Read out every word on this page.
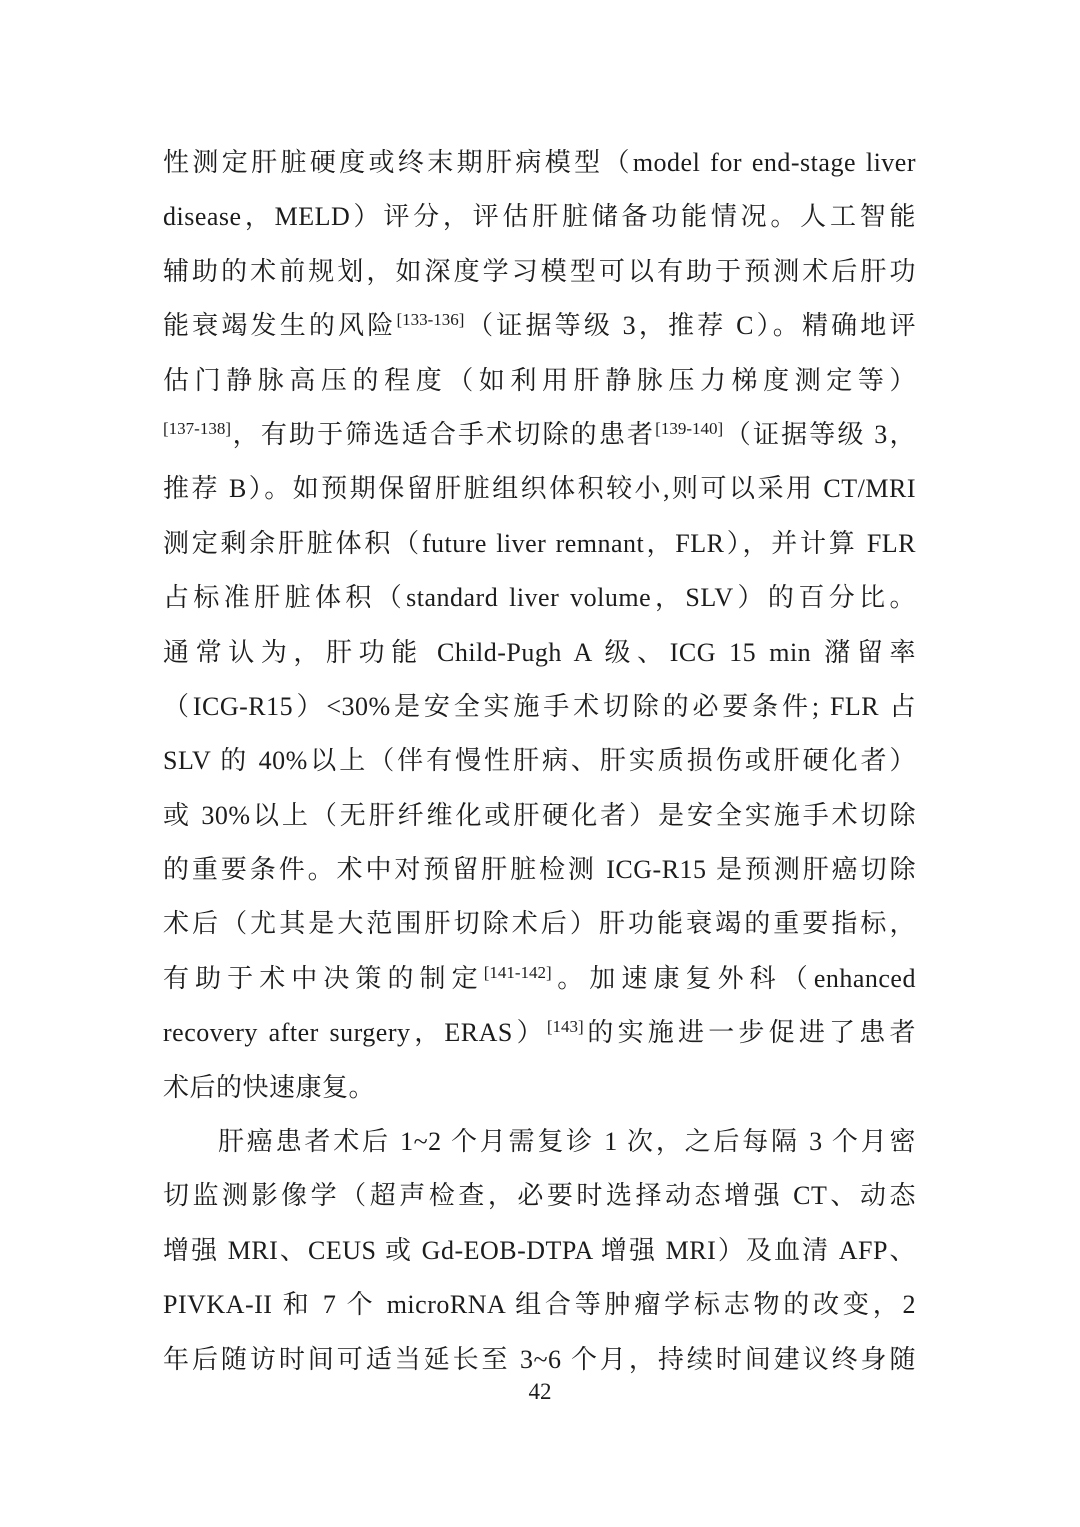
性测定肝脏硬度或终末期肝病模型（model for end-stage liver
disease，MELD）评分，评估肝脏储备功能情况。人工智能
辅助的术前规划，如深度学习模型可以有助于预测术后肝功
能衰竭发生的风险[133-136]（证据等级 3，推荐 C）。精确地评
估门静脉高压的程度（如利用肝静脉压力梯度测定等）
[137-138]，有助于筛选适合手术切除的患者[139-140]（证据等级 3，
推荐 B）。如预期保留肝脏组织体积较小,则可以采用 CT/MRI
测定剩余肝脏体积（future liver remnant，FLR），并计算 FLR
占标准肝脏体积（standard liver volume，SLV）的百分比。
通常认为，肝功能 Child-Pugh A 级、ICG 15 min 潴留率
（ICG-R15）<30%是安全实施手术切除的必要条件; FLR 占
SLV 的 40%以上（伴有慢性肝病、肝实质损伤或肝硬化者）
或 30%以上（无肝纤维化或肝硬化者）是安全实施手术切除
的重要条件。术中对预留肝脏检测 ICG-R15 是预测肝癌切除
术后（尤其是大范围肝切除术后）肝功能衰竭的重要指标，
有助于术中决策的制定[141-142]。加速康复外科（enhanced
recovery after surgery，ERAS）[143]的实施进一步促进了患者
术后的快速康复。
肝癌患者术后 1~2 个月需复诊 1 次，之后每隔 3 个月密
切监测影像学（超声检查，必要时选择动态增强 CT、动态
增强 MRI、CEUS 或 Gd-EOB-DTPA 增强 MRI）及血清 AFP、
PIVKA-II 和 7 个 microRNA 组合等肿瘤学标志物的改变，2
年后随访时间可适当延长至 3~6 个月，持续时间建议终身随
42
